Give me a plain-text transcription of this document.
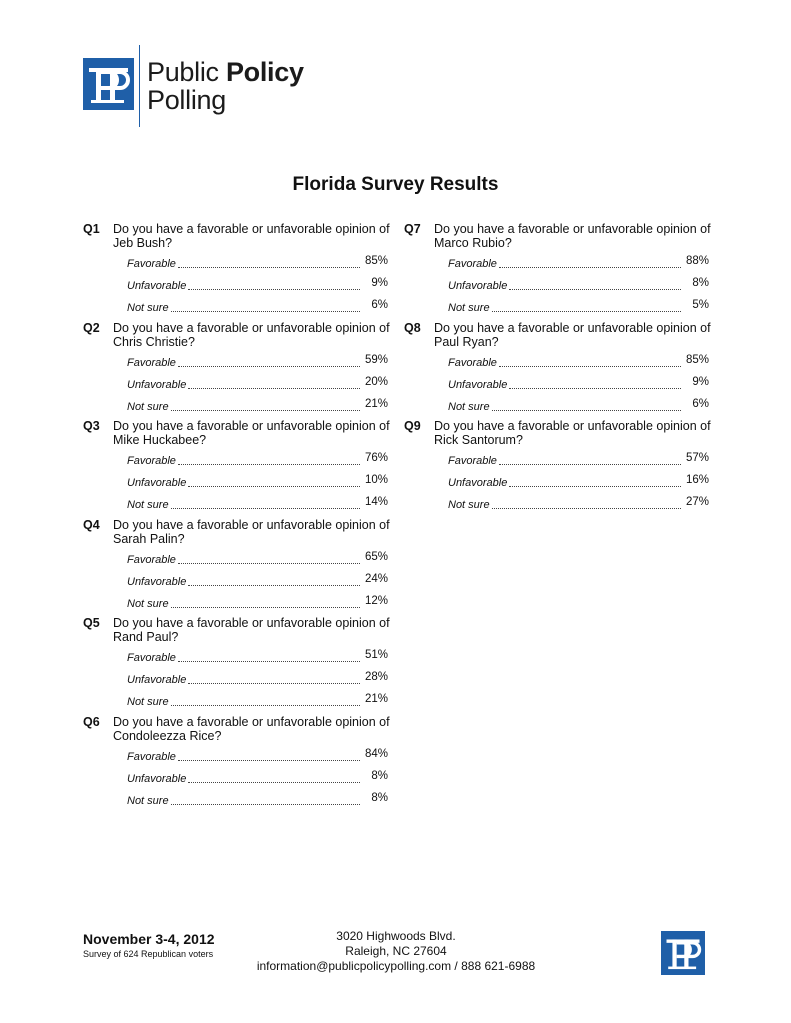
Public Policy
Polling
Florida Survey Results
Q1 Do you have a favorable or unfavorable opinion of Jeb Bush?
Favorable	85%
Unfavorable	9%
Not sure	6%
Q2 Do you have a favorable or unfavorable opinion of Chris Christie?
Favorable	59%
Unfavorable	20%
Not sure	21%
Q3 Do you have a favorable or unfavorable opinion of Mike Huckabee?
Favorable	76%
Unfavorable	10%
Not sure	14%
Q4 Do you have a favorable or unfavorable opinion of Sarah Palin?
Favorable	65%
Unfavorable	24%
Not sure	12%
Q5 Do you have a favorable or unfavorable opinion of Rand Paul?
Favorable	51%
Unfavorable	28%
Not sure	21%
Q6 Do you have a favorable or unfavorable opinion of Condoleezza Rice?
Favorable	84%
Unfavorable	8%
Not sure	8%
Q7 Do you have a favorable or unfavorable opinion of Marco Rubio?
Favorable	88%
Unfavorable	8%
Not sure	5%
Q8 Do you have a favorable or unfavorable opinion of Paul Ryan?
Favorable	85%
Unfavorable	9%
Not sure	6%
Q9 Do you have a favorable or unfavorable opinion of Rick Santorum?
Favorable	57%
Unfavorable	16%
Not sure	27%
November 3-4, 2012
Survey of 624 Republican voters
3020 Highwoods Blvd.
Raleigh, NC 27604
information@publicpolicypolling.com / 888 621-6988
